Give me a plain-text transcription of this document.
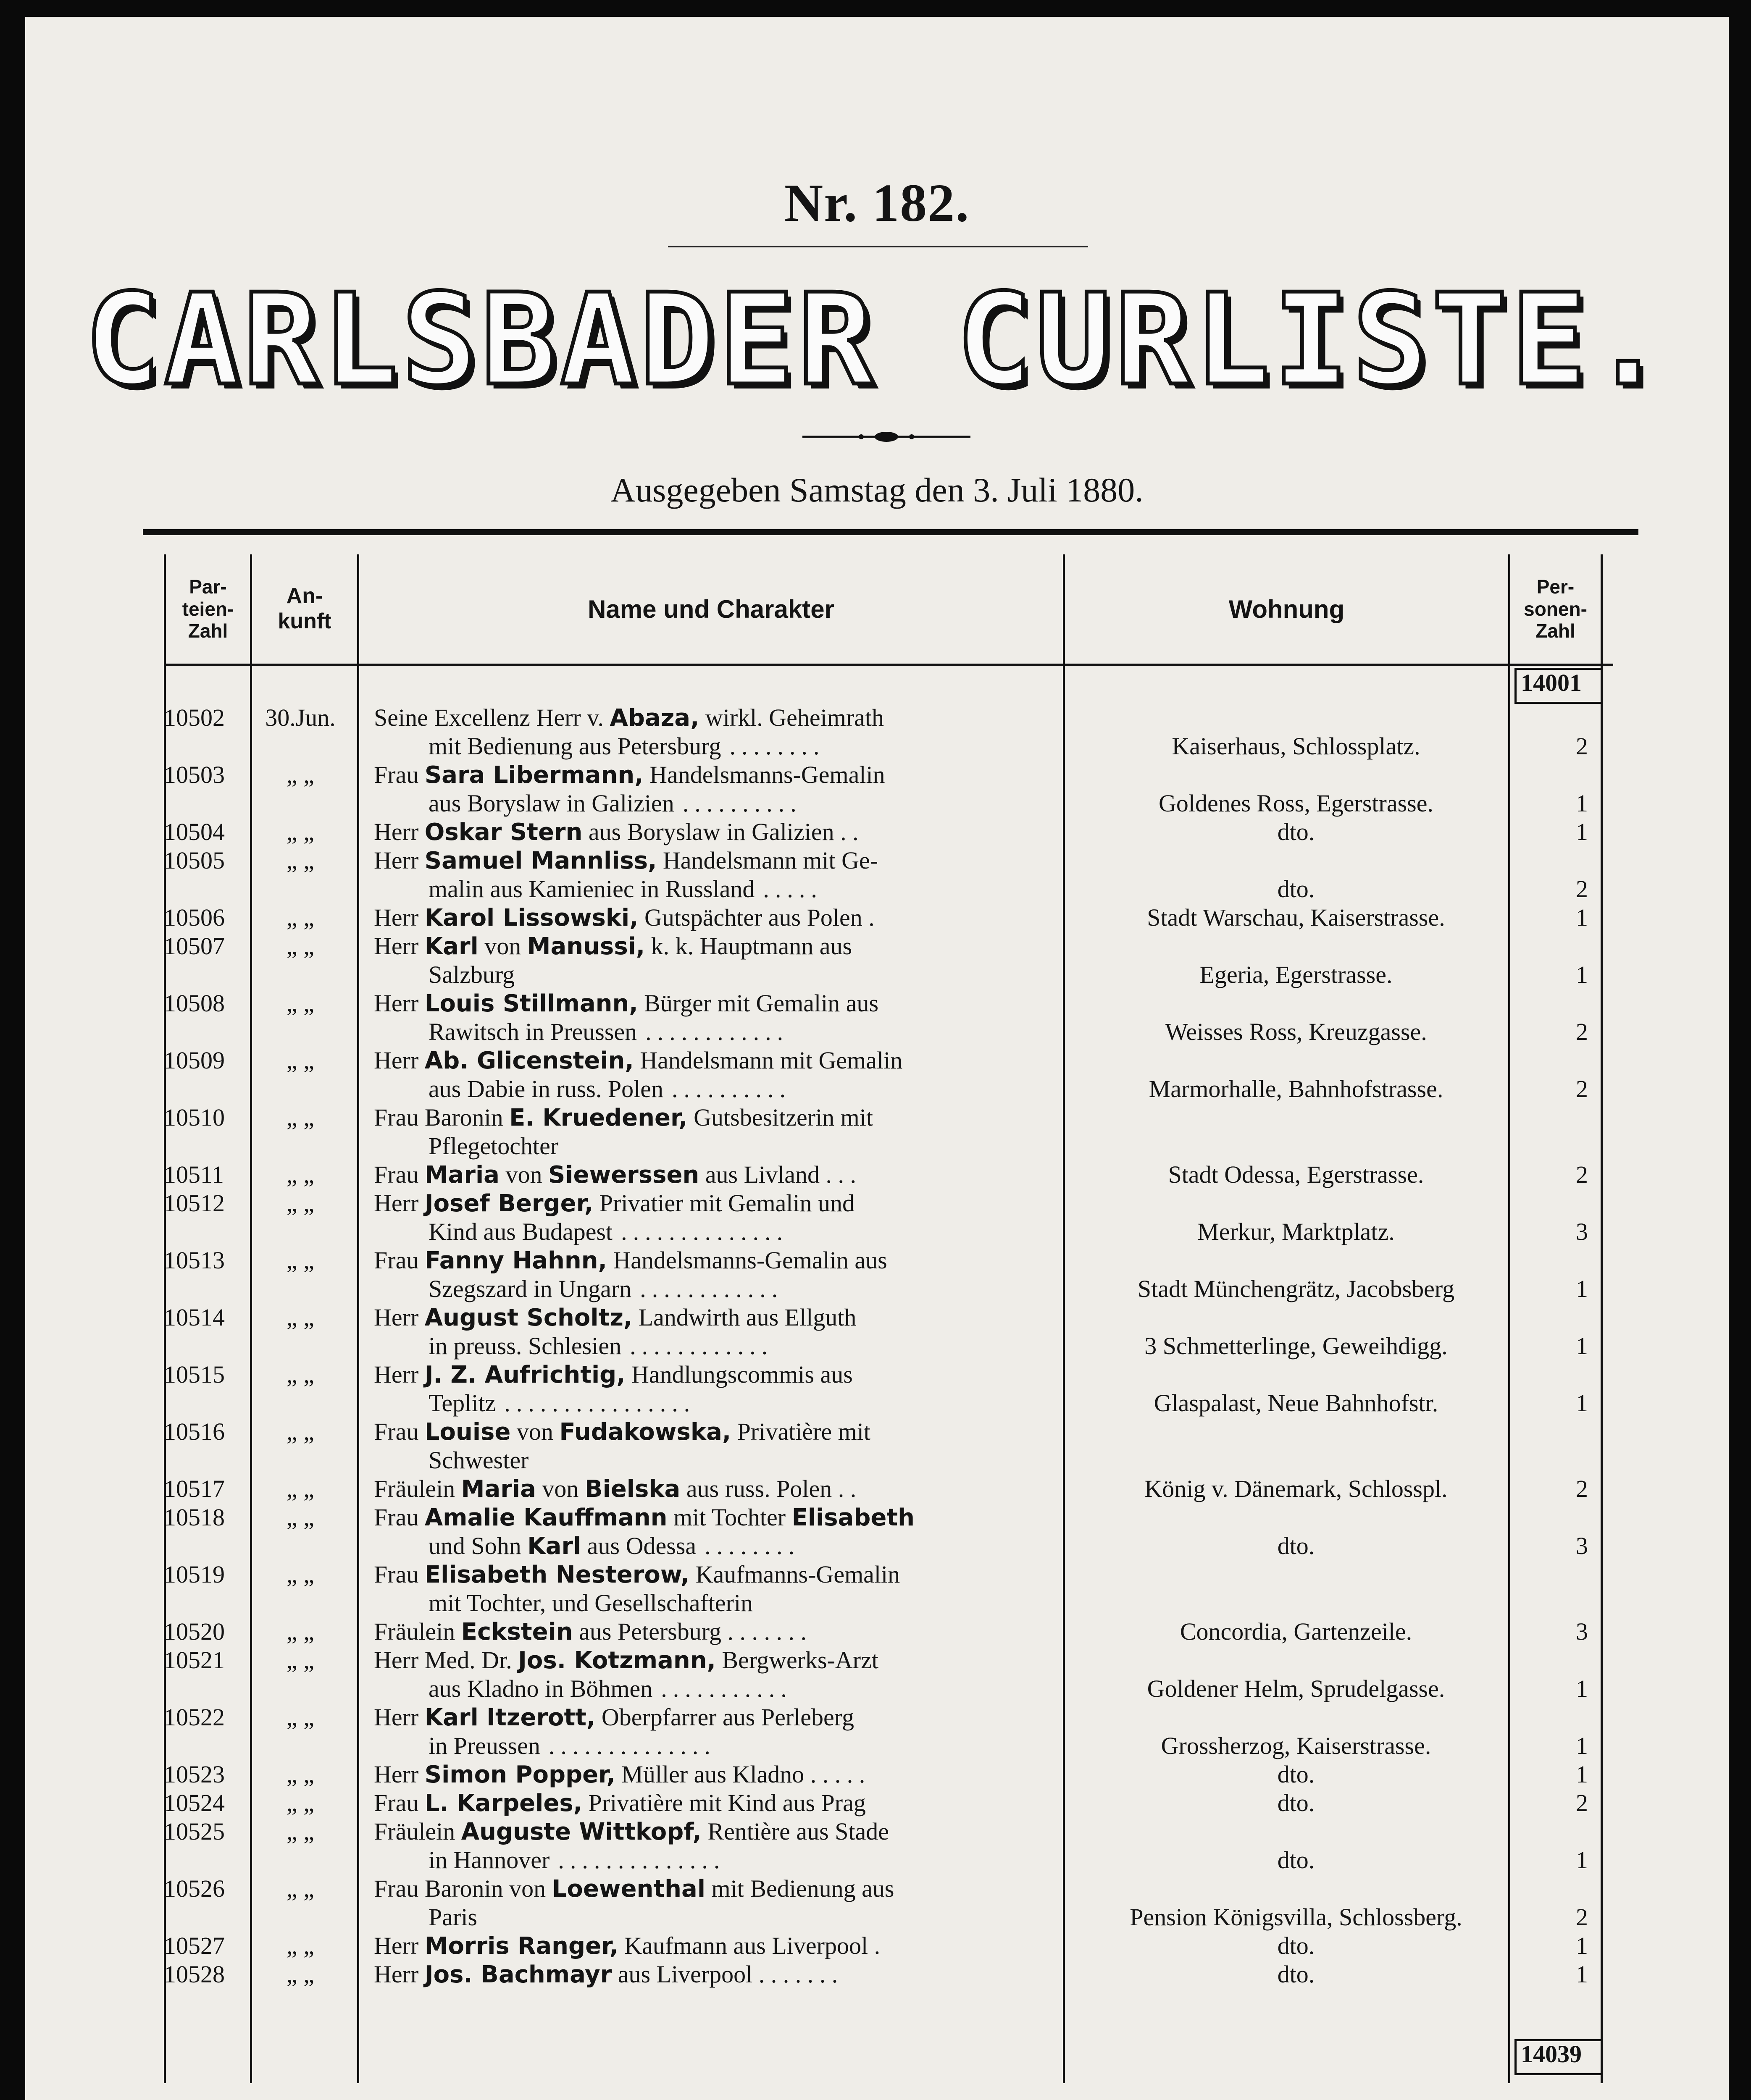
Nr. 182.
CARLSBADER CURLISTE.
Ausgegeben Samstag den 3. Juli 1880.
Par-
teien-
Zahl
An-
kunft	Name und Charakter	Wohnung
Per-
sonen-
Zahl
14001
10502	30.Jun.	Seine Excellenz Herr v. Abaza, wirkl. Geheimrath
mit Bedienung aus Petersburg ........	Kaiserhaus, Schlossplatz.	2
10503	„ „	Frau Sara Libermann, Handelsmanns-Gemalin
aus Boryslaw in Galizien ..........	Goldenes Ross, Egerstrasse.	1
10504	„ „	Herr Oskar Stern aus Boryslaw in Galizien . .	dto.	1
10505	„ „	Herr Samuel Mannliss, Handelsmann mit Ge-
malin aus Kamieniec in Russland .....	dto.	2
10506	„ „	Herr Karol Lissowski, Gutspächter aus Polen .	Stadt Warschau, Kaiserstrasse.	1
10507	„ „	Herr Karl von Manussi, k. k. Hauptmann aus
Salzburg	Egeria, Egerstrasse.	1
10508	„ „	Herr Louis Stillmann, Bürger mit Gemalin aus
Rawitsch in Preussen ............	Weisses Ross, Kreuzgasse.	2
10509	„ „	Herr Ab. Glicenstein, Handelsmann mit Gemalin
aus Dabie in russ. Polen ..........	Marmorhalle, Bahnhofstrasse.	2
10510	„ „	Frau Baronin E. Kruedener, Gutsbesitzerin mit
Pflegetochter
10511	„ „	Frau Maria von Siewerssen aus Livland . . .	Stadt Odessa, Egerstrasse.	2
10512	„ „	Herr Josef Berger, Privatier mit Gemalin und
Kind aus Budapest ..............	Merkur, Marktplatz.	3
10513	„ „	Frau Fanny Hahnn, Handelsmanns-Gemalin aus
Szegszard in Ungarn ............	Stadt Münchengrätz, Jacobsberg	1
10514	„ „	Herr August Scholtz, Landwirth aus Ellguth
in preuss. Schlesien ............	3 Schmetterlinge, Geweihdigg.	1
10515	„ „	Herr J. Z. Aufrichtig, Handlungscommis aus
Teplitz ................	Glaspalast, Neue Bahnhofstr.	1
10516	„ „	Frau Louise von Fudakowska, Privatière mit
Schwester
10517	„ „	Fräulein Maria von Bielska aus russ. Polen . .	König v. Dänemark, Schlosspl.	2
10518	„ „	Frau Amalie Kauffmann mit Tochter Elisabeth
und Sohn Karl aus Odessa ........	dto.	3
10519	„ „	Frau Elisabeth Nesterow, Kaufmanns-Gemalin
mit Tochter, und Gesellschafterin
10520	„ „	Fräulein Eckstein aus Petersburg . . . . . . .	Concordia, Gartenzeile.	3
10521	„ „	Herr Med. Dr. Jos. Kotzmann, Bergwerks-Arzt
aus Kladno in Böhmen ...........	Goldener Helm, Sprudelgasse.	1
10522	„ „	Herr Karl Itzerott, Oberpfarrer aus Perleberg
in Preussen ..............	Grossherzog, Kaiserstrasse.	1
10523	„ „	Herr Simon Popper, Müller aus Kladno . . . . .	dto.	1
10524	„ „	Frau L. Karpeles, Privatière mit Kind aus Prag	dto.	2
10525	„ „	Fräulein Auguste Wittkopf, Rentière aus Stade
in Hannover ..............	dto.	1
10526	„ „	Frau Baronin von Loewenthal mit Bedienung aus
Paris	Pension Königsvilla, Schlossberg.	2
10527	„ „	Herr Morris Ranger, Kaufmann aus Liverpool .	dto.	1
10528	„ „	Herr Jos. Bachmayr aus Liverpool . . . . . . .	dto.	1
14039
